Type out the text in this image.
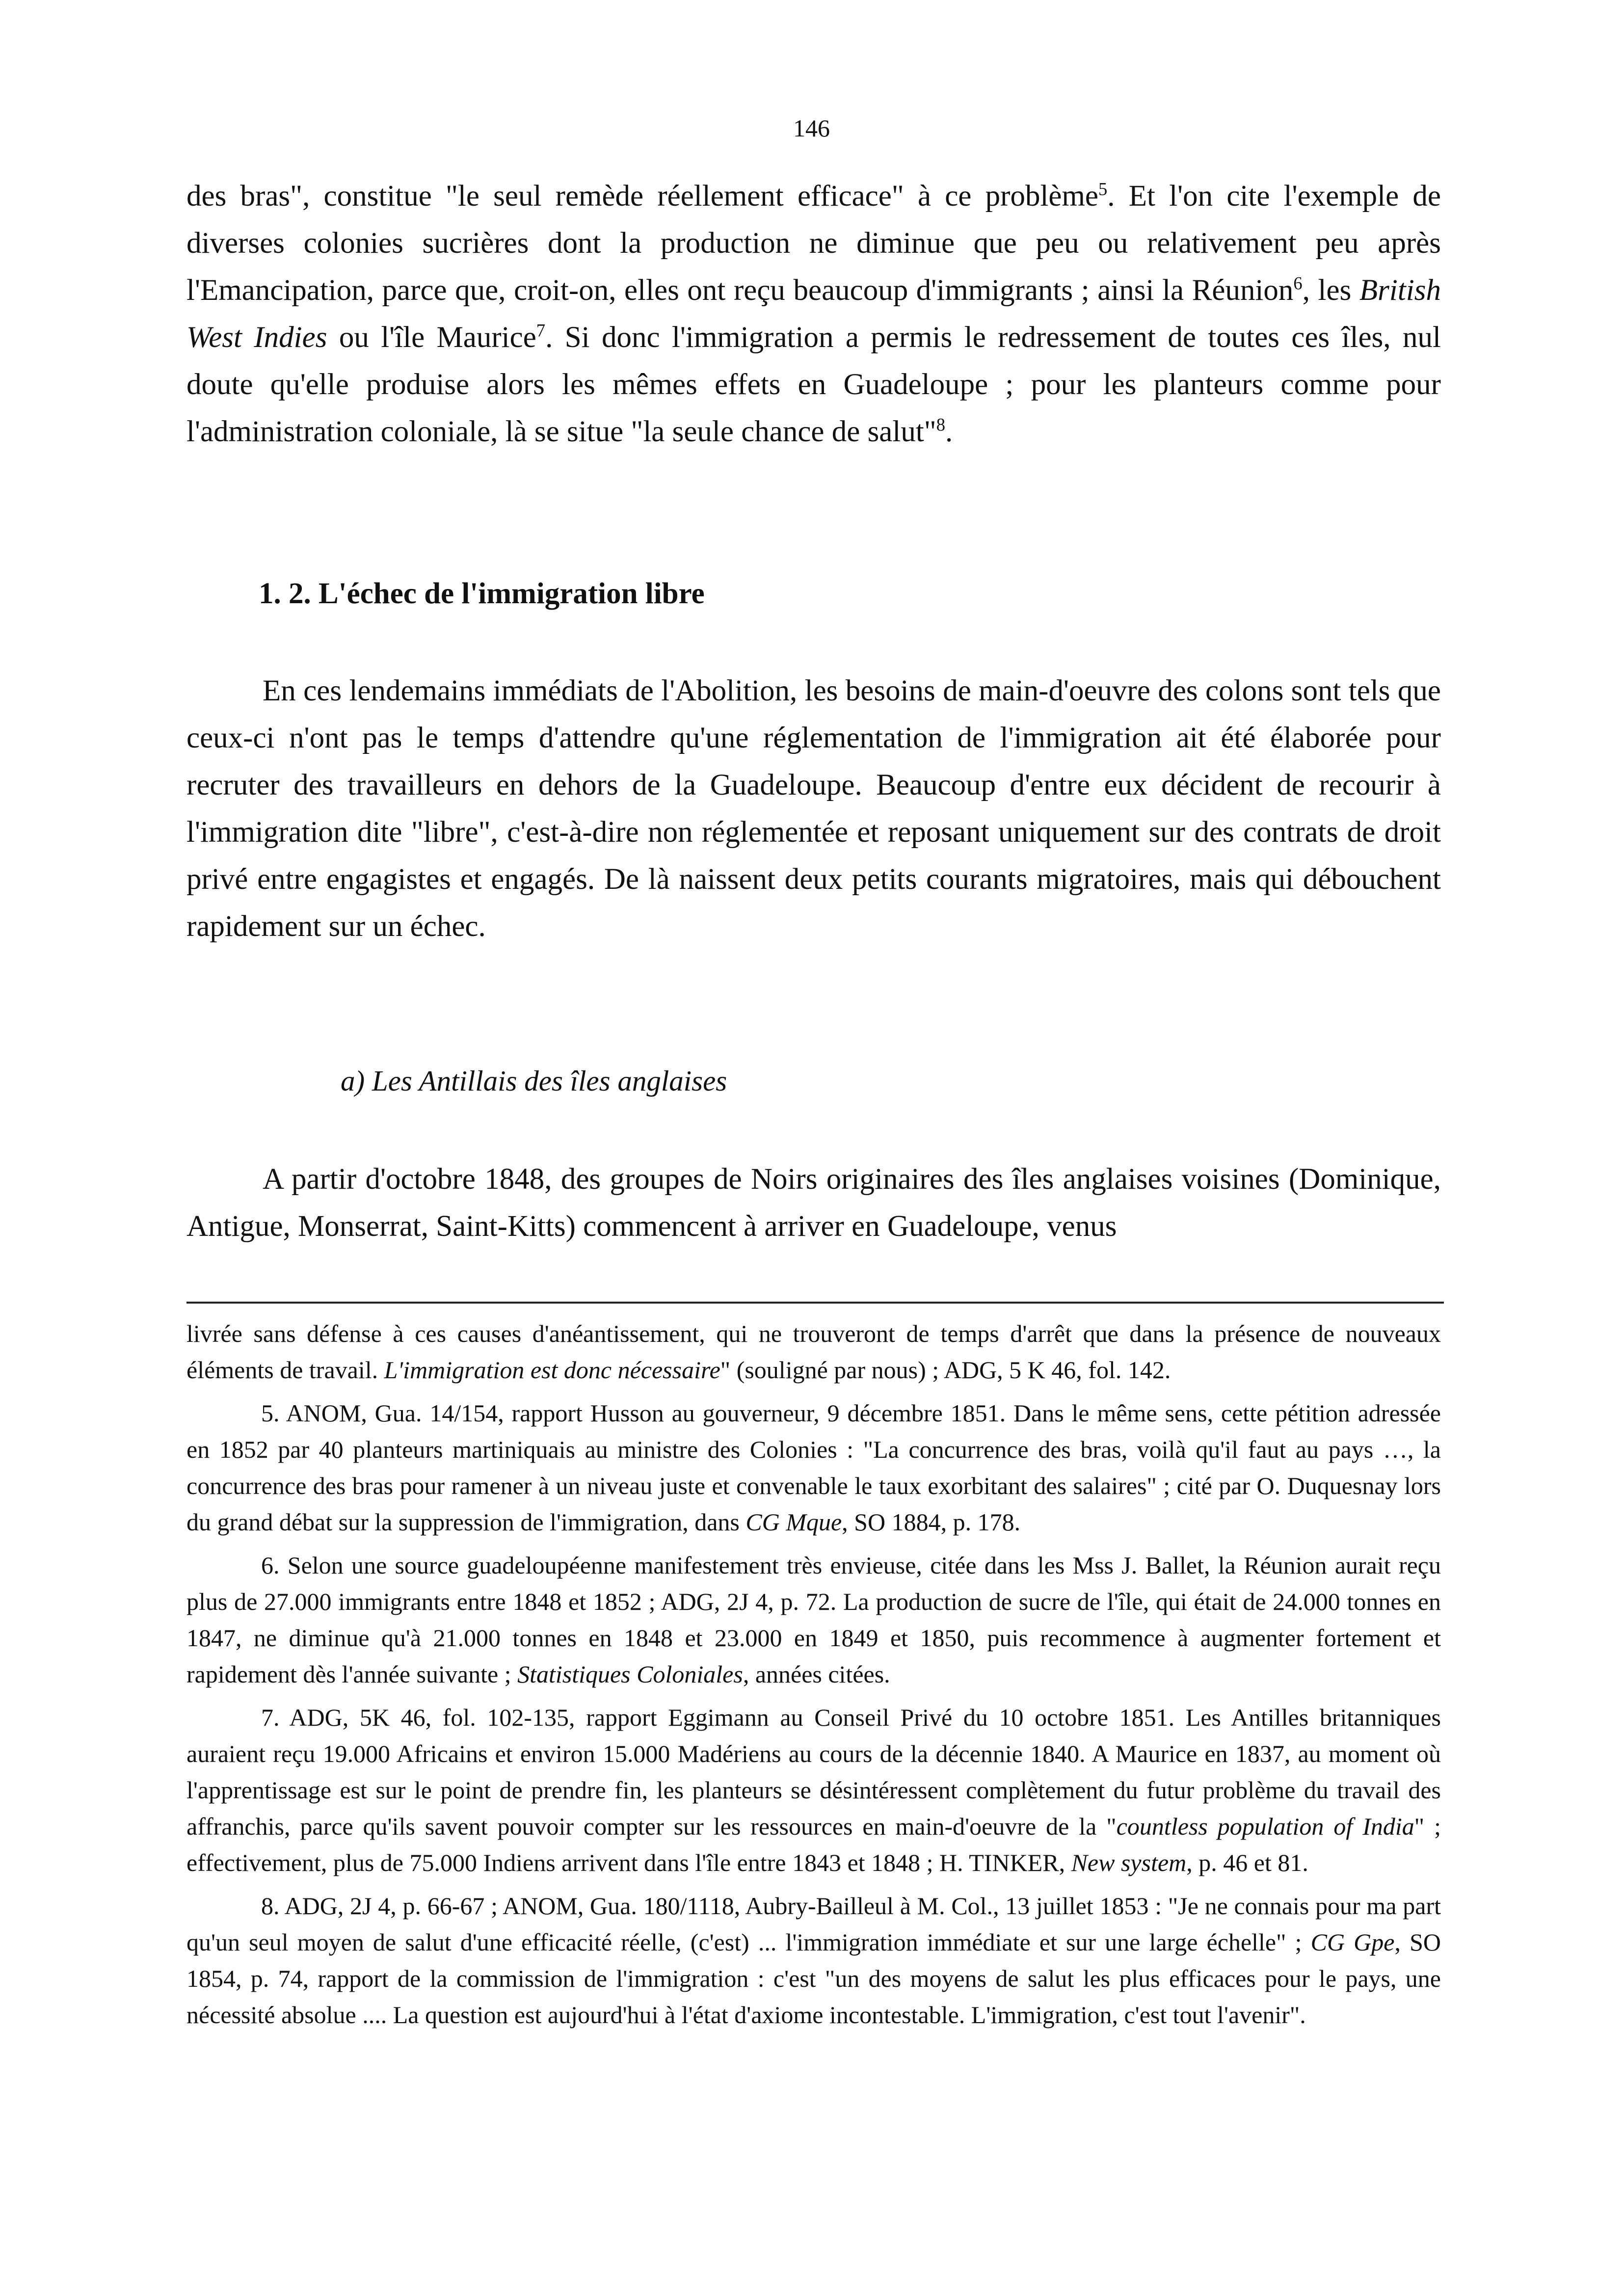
146

des bras", constitue "le seul remède réellement efficace" à ce problème$^5$. Et l'on cite l'exemple de diverses colonies sucrières dont la production ne diminue que peu ou relativement peu après l'Emancipation, parce que, croit-on, elles ont reçu beaucoup d'immigrants ; ainsi la Réunion$^6$, les British West Indies ou l'île Maurice$^7$. Si donc l'immigration a permis le redressement de toutes ces îles, nul doute qu'elle produise alors les mêmes effets en Guadeloupe ; pour les planteurs comme pour l'administration coloniale, là se situe "la seule chance de salut"$^8$.

1. 2. L'échec de l'immigration libre

En ces lendemains immédiats de l'Abolition, les besoins de main-d'oeuvre des colons sont tels que ceux-ci n'ont pas le temps d'attendre qu'une réglementation de l'immigration ait été élaborée pour recruter des travailleurs en dehors de la Guadeloupe. Beaucoup d'entre eux décident de recourir à l'immigration dite "libre", c'est-à-dire non réglementée et reposant uniquement sur des contrats de droit privé entre engagistes et engagés. De là naissent deux petits courants migratoires, mais qui débouchent rapidement sur un échec.

a) Les Antillais des îles anglaises

A partir d'octobre 1848, des groupes de Noirs originaires des îles anglaises voisines (Dominique, Antigue, Monserrat, Saint-Kitts) commencent à arriver en Guadeloupe, venus

livrée sans défense à ces causes d'anéantissement, qui ne trouveront de temps d'arrêt que dans la présence de nouveaux éléments de travail. L'immigration est donc nécessaire" (souligné par nous) ; ADG, 5 K 46, fol. 142.

5. ANOM, Gua. 14/154, rapport Husson au gouverneur, 9 décembre 1851. Dans le même sens, cette pétition adressée en 1852 par 40 planteurs martiniquais au ministre des Colonies : "La concurrence des bras, voilà qu'il faut au pays …, la concurrence des bras pour ramener à un niveau juste et convenable le taux exorbitant des salaires" ; cité par O. Duquesnay lors du grand débat sur la suppression de l'immigration, dans CG Mque, SO 1884, p. 178.

6. Selon une source guadeloupéenne manifestement très envieuse, citée dans les Mss J. Ballet, la Réunion aurait reçu plus de 27.000 immigrants entre 1848 et 1852 ; ADG, 2J 4, p. 72. La production de sucre de l'île, qui était de 24.000 tonnes en 1847, ne diminue qu'à 21.000 tonnes en 1848 et 23.000 en 1849 et 1850, puis recommence à augmenter fortement et rapidement dès l'année suivante ; Statistiques Coloniales, années citées.

7. ADG, 5K 46, fol. 102-135, rapport Eggimann au Conseil Privé du 10 octobre 1851. Les Antilles britanniques auraient reçu 19.000 Africains et environ 15.000 Madériens au cours de la décennie 1840. A Maurice en 1837, au moment où l'apprentissage est sur le point de prendre fin, les planteurs se désintéressent complètement du futur problème du travail des affranchis, parce qu'ils savent pouvoir compter sur les ressources en main-d'oeuvre de la "countless population of India" ; effectivement, plus de 75.000 Indiens arrivent dans l'île entre 1843 et 1848 ; H. TINKER, New system, p. 46 et 81.

8. ADG, 2J 4, p. 66-67 ; ANOM, Gua. 180/1118, Aubry-Bailleul à M. Col., 13 juillet 1853 : "Je ne connais pour ma part qu'un seul moyen de salut d'une efficacité réelle, (c'est) ... l'immigration immédiate et sur une large échelle" ; CG Gpe, SO 1854, p. 74, rapport de la commission de l'immigration : c'est "un des moyens de salut les plus efficaces pour le pays, une nécessité absolue .... La question est aujourd'hui à l'état d'axiome incontestable. L'immigration, c'est tout l'avenir".
